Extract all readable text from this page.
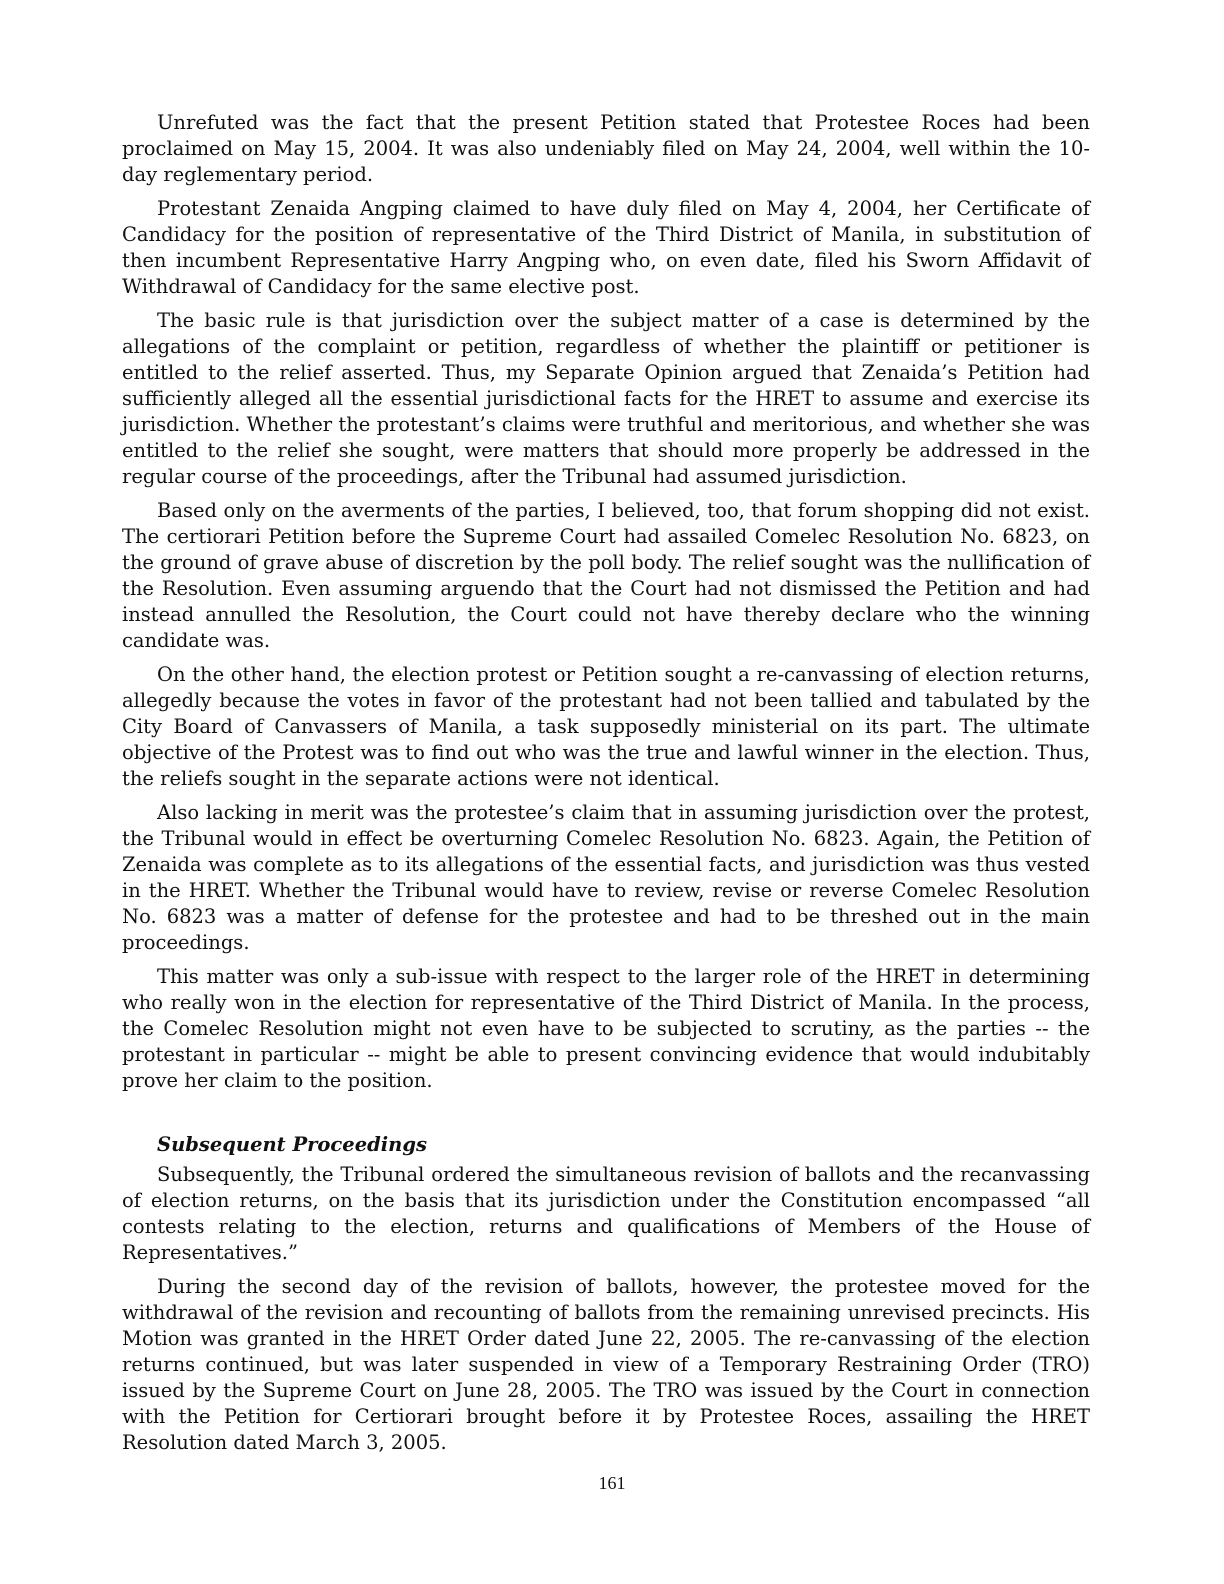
Unrefuted was the fact that the present Petition stated that Protestee Roces had been proclaimed on May 15, 2004. It was also undeniably filed on May 24, 2004, well within the 10-day reglementary period.

Protestant Zenaida Angping claimed to have duly filed on May 4, 2004, her Certificate of Candidacy for the position of representative of the Third District of Manila, in substitution of then incumbent Representative Harry Angping who, on even date, filed his Sworn Affidavit of Withdrawal of Candidacy for the same elective post.

The basic rule is that jurisdiction over the subject matter of a case is determined by the allegations of the complaint or petition, regardless of whether the plaintiff or petitioner is entitled to the relief asserted. Thus, my Separate Opinion argued that Zenaida’s Petition had sufficiently alleged all the essential jurisdictional facts for the HRET to assume and exercise its jurisdiction. Whether the protestant’s claims were truthful and meritorious, and whether she was entitled to the relief she sought, were matters that should more properly be addressed in the regular course of the proceedings, after the Tribunal had assumed jurisdiction.

Based only on the averments of the parties, I believed, too, that forum shopping did not exist. The certiorari Petition before the Supreme Court had assailed Comelec Resolution No. 6823, on the ground of grave abuse of discretion by the poll body. The relief sought was the nullification of the Resolution. Even assuming arguendo that the Court had not dismissed the Petition and had instead annulled the Resolution, the Court could not have thereby declare who the winning candidate was.

On the other hand, the election protest or Petition sought a re-canvassing of election returns, allegedly because the votes in favor of the protestant had not been tallied and tabulated by the City Board of Canvassers of Manila, a task supposedly ministerial on its part. The ultimate objective of the Protest was to find out who was the true and lawful winner in the election. Thus, the reliefs sought in the separate actions were not identical.

Also lacking in merit was the protestee’s claim that in assuming jurisdiction over the protest, the Tribunal would in effect be overturning Comelec Resolution No. 6823. Again, the Petition of Zenaida was complete as to its allegations of the essential facts, and jurisdiction was thus vested in the HRET. Whether the Tribunal would have to review, revise or reverse Comelec Resolution No. 6823 was a matter of defense for the protestee and had to be threshed out in the main proceedings.

This matter was only a sub-issue with respect to the larger role of the HRET in determining who really won in the election for representative of the Third District of Manila. In the process, the Comelec Resolution might not even have to be subjected to scrutiny, as the parties -- the protestant in particular -- might be able to present convincing evidence that would indubitably prove her claim to the position.

Subsequent Proceedings

Subsequently, the Tribunal ordered the simultaneous revision of ballots and the recanvassing of election returns, on the basis that its jurisdiction under the Constitution encompassed “all contests relating to the election, returns and qualifications of Members of the House of Representatives.”

During the second day of the revision of ballots, however, the protestee moved for the withdrawal of the revision and recounting of ballots from the remaining unrevised precincts. His Motion was granted in the HRET Order dated June 22, 2005. The re-canvassing of the election returns continued, but was later suspended in view of a Temporary Restraining Order (TRO) issued by the Supreme Court on June 28, 2005. The TRO was issued by the Court in connection with the Petition for Certiorari brought before it by Protestee Roces, assailing the HRET Resolution dated March 3, 2005.

161
